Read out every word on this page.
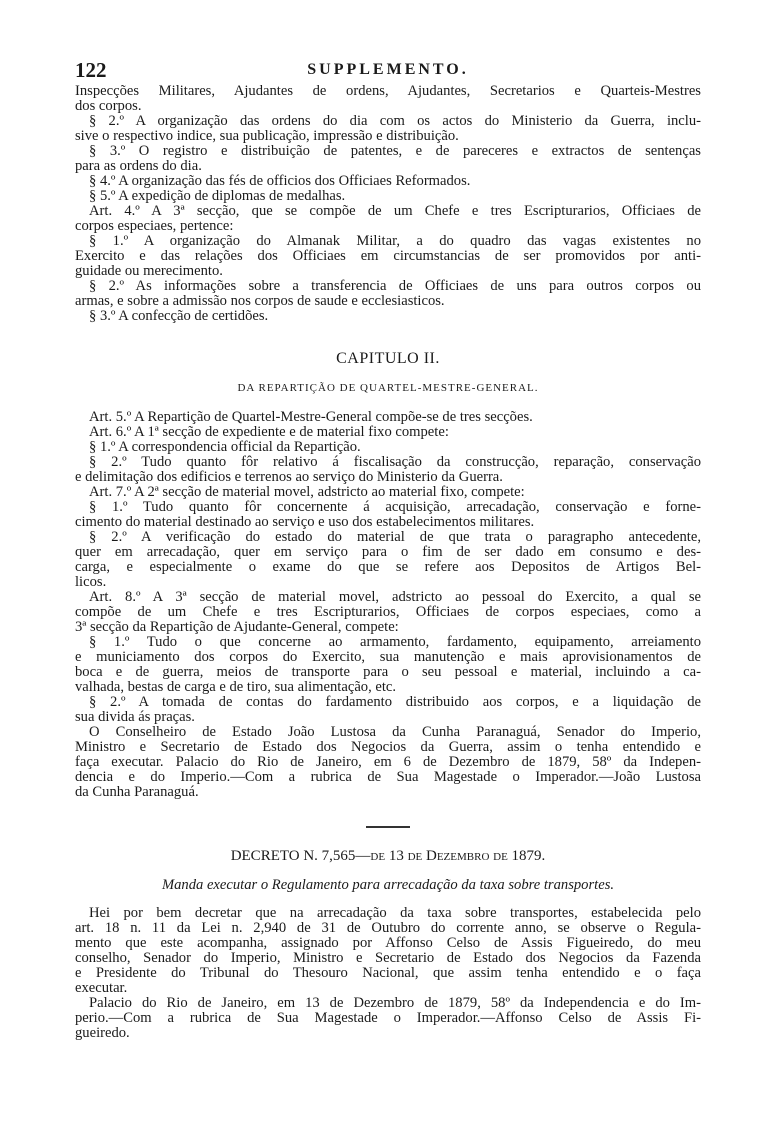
122	SUPPLEMENTO.
Inspecções Militares, Ajudantes de ordens, Ajudantes, Secretarios e Quarteis-Mestres
dos corpos.
§ 2.º A organização das ordens do dia com os actos do Ministerio da Guerra, inclu-
sive o respectivo indice, sua publicação, impressão e distribuição.
§ 3.º O registro e distribuição de patentes, e de pareceres e extractos de sentenças
para as ordens do dia.
§ 4.º A organização das fés de officios dos Officiaes Reformados.
§ 5.º A expedição de diplomas de medalhas.
Art. 4.º A 3ª secção, que se compõe de um Chefe e tres Escripturarios, Officiaes de
corpos especiaes, pertence:
§ 1.º A organização do Almanak Militar, a do quadro das vagas existentes no
Exercito e das relações dos Officiaes em circumstancias de ser promovidos por anti-
guidade ou merecimento.
§ 2.º As informações sobre a transferencia de Officiaes de uns para outros corpos ou
armas, e sobre a admissão nos corpos de saude e ecclesiasticos.
§ 3.º A confecção de certidões.
CAPITULO II.
DA REPARTIÇÃO DE QUARTEL-MESTRE-GENERAL.
Art. 5.º A Repartição de Quartel-Mestre-General compõe-se de tres secções.
Art. 6.º A 1ª secção de expediente e de material fixo compete:
§ 1.º A correspondencia official da Repartição.
§ 2.º Tudo quanto fôr relativo á fiscalisação da construcção, reparação, conservação
e delimitação dos edificios e terrenos ao serviço do Ministerio da Guerra.
Art. 7.º A 2ª secção de material movel, adstricto ao material fixo, compete:
§ 1.º Tudo quanto fôr concernente á acquisição, arrecadação, conservação e forne-
cimento do material destinado ao serviço e uso dos estabelecimentos militares.
§ 2.º A verificação do estado do material de que trata o paragrapho antecedente,
quer em arrecadação, quer em serviço para o fim de ser dado em consumo e des-
carga, e especialmente o exame do que se refere aos Depositos de Artigos Bel-
licos.
Art. 8.º A 3ª secção de material movel, adstricto ao pessoal do Exercito, a qual se
compõe de um Chefe e tres Escripturarios, Officiaes de corpos especiaes, como a
3ª secção da Repartição de Ajudante-General, compete:
§ 1.º Tudo o que concerne ao armamento, fardamento, equipamento, arreiamento
e municiamento dos corpos do Exercito, sua manutenção e mais aprovisionamentos de
boca e de guerra, meios de transporte para o seu pessoal e material, incluindo a ca-
valhada, bestas de carga e de tiro, sua alimentação, etc.
§ 2.º A tomada de contas do fardamento distribuido aos corpos, e a liquidação de
sua divida ás praças.
O Conselheiro de Estado João Lustosa da Cunha Paranaguá, Senador do Imperio,
Ministro e Secretario de Estado dos Negocios da Guerra, assim o tenha entendido e
faça executar. Palacio do Rio de Janeiro, em 6 de Dezembro de 1879, 58º da Indepen-
dencia e do Imperio.—Com a rubrica de Sua Magestade o Imperador.—João Lustosa
da Cunha Paranaguá.
DECRETO N. 7,565—de 13 de Dezembro de 1879.
Manda executar o Regulamento para arrecadação da taxa sobre transportes.
Hei por bem decretar que na arrecadação da taxa sobre transportes, estabelecida pelo
art. 18 n. 11 da Lei n. 2,940 de 31 de Outubro do corrente anno, se observe o Regula-
mento que este acompanha, assignado por Affonso Celso de Assis Figueiredo, do meu
conselho, Senador do Imperio, Ministro e Secretario de Estado dos Negocios da Fazenda
e Presidente do Tribunal do Thesouro Nacional, que assim tenha entendido e o faça
executar.
Palacio do Rio de Janeiro, em 13 de Dezembro de 1879, 58º da Independencia e do Im-
perio.—Com a rubrica de Sua Magestade o Imperador.—Affonso Celso de Assis Fi-
gueiredo.
